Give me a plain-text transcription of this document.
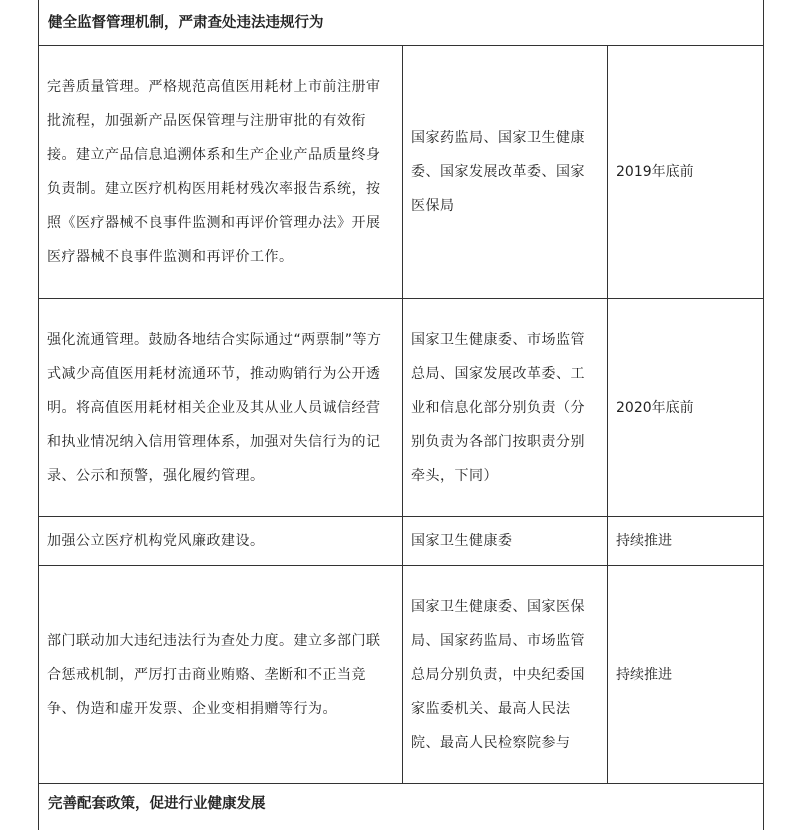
健全监督管理机制，严肃查处违法违规行为		
完善质量管理。严格规范高值医用耗材上市前注册审批流程，加强新产品医保管理与注册审批的有效衔接。建立产品信息追溯体系和生产企业产品质量终身负责制。建立医疗机构医用耗材残次率报告系统，按照《医疗器械不良事件监测和再评价管理办法》开展医疗器械不良事件监测和再评价工作。	国家药监局、国家卫生健康委、国家发展改革委、国家医保局	2019年底前
强化流通管理。鼓励各地结合实际通过“两票制”等方式减少高值医用耗材流通环节，推动购销行为公开透明。将高值医用耗材相关企业及其从业人员诚信经营和执业情况纳入信用管理体系，加强对失信行为的记录、公示和预警，强化履约管理。	国家卫生健康委、市场监管总局、国家发展改革委、工业和信息化部分别负责（分别负责为各部门按职责分别牵头，下同）	2020年底前
加强公立医疗机构党风廉政建设。	国家卫生健康委	持续推进
部门联动加大违纪违法行为查处力度。建立多部门联合惩戒机制，严厉打击商业贿赂、垄断和不正当竞争、伪造和虚开发票、企业变相捐赠等行为。	国家卫生健康委、国家医保局、国家药监局、市场监管总局分别负责，中央纪委国家监委机关、最高人民法院、最高人民检察院参与	持续推进
完善配套政策，促进行业健康发展		
